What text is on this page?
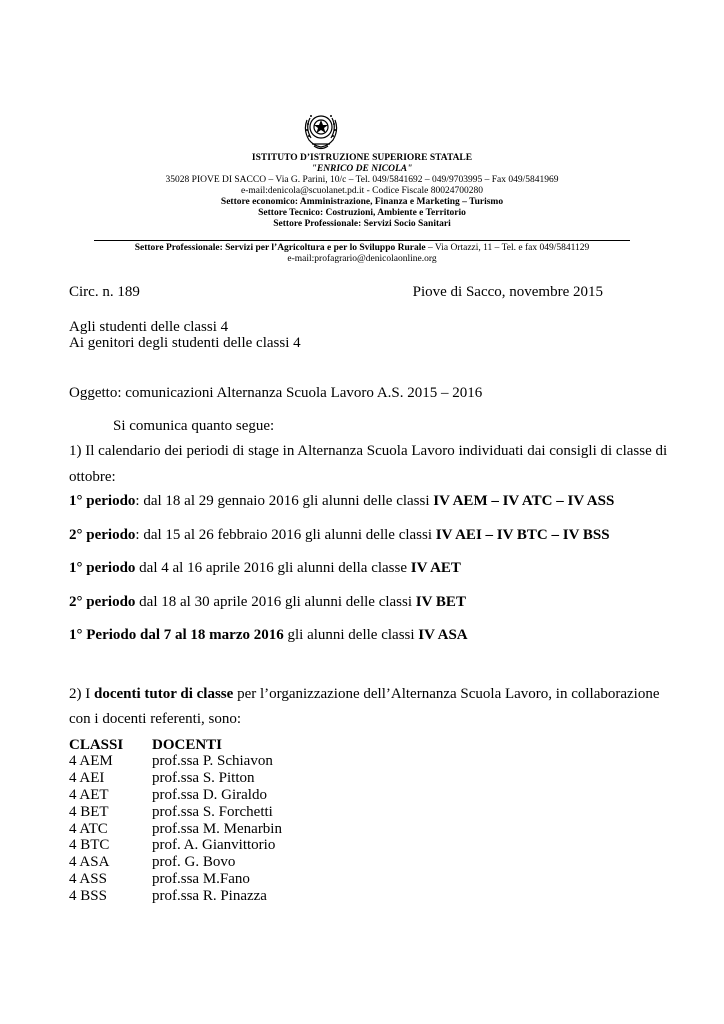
ISTITUTO D’ISTRUZIONE SUPERIORE STATALE
"ENRICO DE NICOLA"
35028 PIOVE DI SACCO – Via G. Parini, 10/c – Tel. 049/5841692 – 049/9703995 – Fax 049/5841969
e-mail:denicola@scuolanet.pd.it - Codice Fiscale 80024700280
Settore economico: Amministrazione, Finanza e Marketing – Turismo
Settore Tecnico: Costruzioni, Ambiente e Territorio
Settore Professionale: Servizi Socio Sanitari
Settore Professionale: Servizi per l’Agricoltura e per lo Sviluppo Rurale – Via Ortazzi, 11 – Tel. e fax 049/5841129
e-mail:profagrario@denicolaonline.org
Circ. n. 189	Piove di Sacco, novembre 2015
Agli studenti delle classi 4
Ai genitori degli studenti delle classi 4
Oggetto: comunicazioni Alternanza Scuola Lavoro A.S. 2015 – 2016
Si comunica quanto segue:
1) Il calendario dei periodi di stage in Alternanza Scuola Lavoro individuati dai consigli di classe di
ottobre:
1° periodo: dal 18 al 29 gennaio 2016 gli alunni delle classi IV AEM – IV ATC – IV ASS
2° periodo: dal 15 al 26 febbraio 2016 gli alunni delle classi IV AEI – IV BTC – IV BSS
1° periodo dal 4 al 16 aprile 2016 gli alunni della classe IV AET
2° periodo dal 18 al 30 aprile 2016 gli alunni delle classi IV BET
1° Periodo dal 7 al 18 marzo 2016 gli alunni delle classi IV ASA
2) I docenti tutor di classe per l’organizzazione dell’Alternanza Scuola Lavoro, in collaborazione
con i docenti referenti, sono:
CLASSI DOCENTI
4 AEM	prof.ssa P. Schiavon
4 AEI	prof.ssa S. Pitton
4 AET	prof.ssa D. Giraldo
4 BET	prof.ssa S. Forchetti
4 ATC	prof.ssa M. Menarbin
4 BTC	prof. A. Gianvittorio
4 ASA	prof. G. Bovo
4 ASS	prof.ssa M.Fano
4 BSS	prof.ssa R. Pinazza
